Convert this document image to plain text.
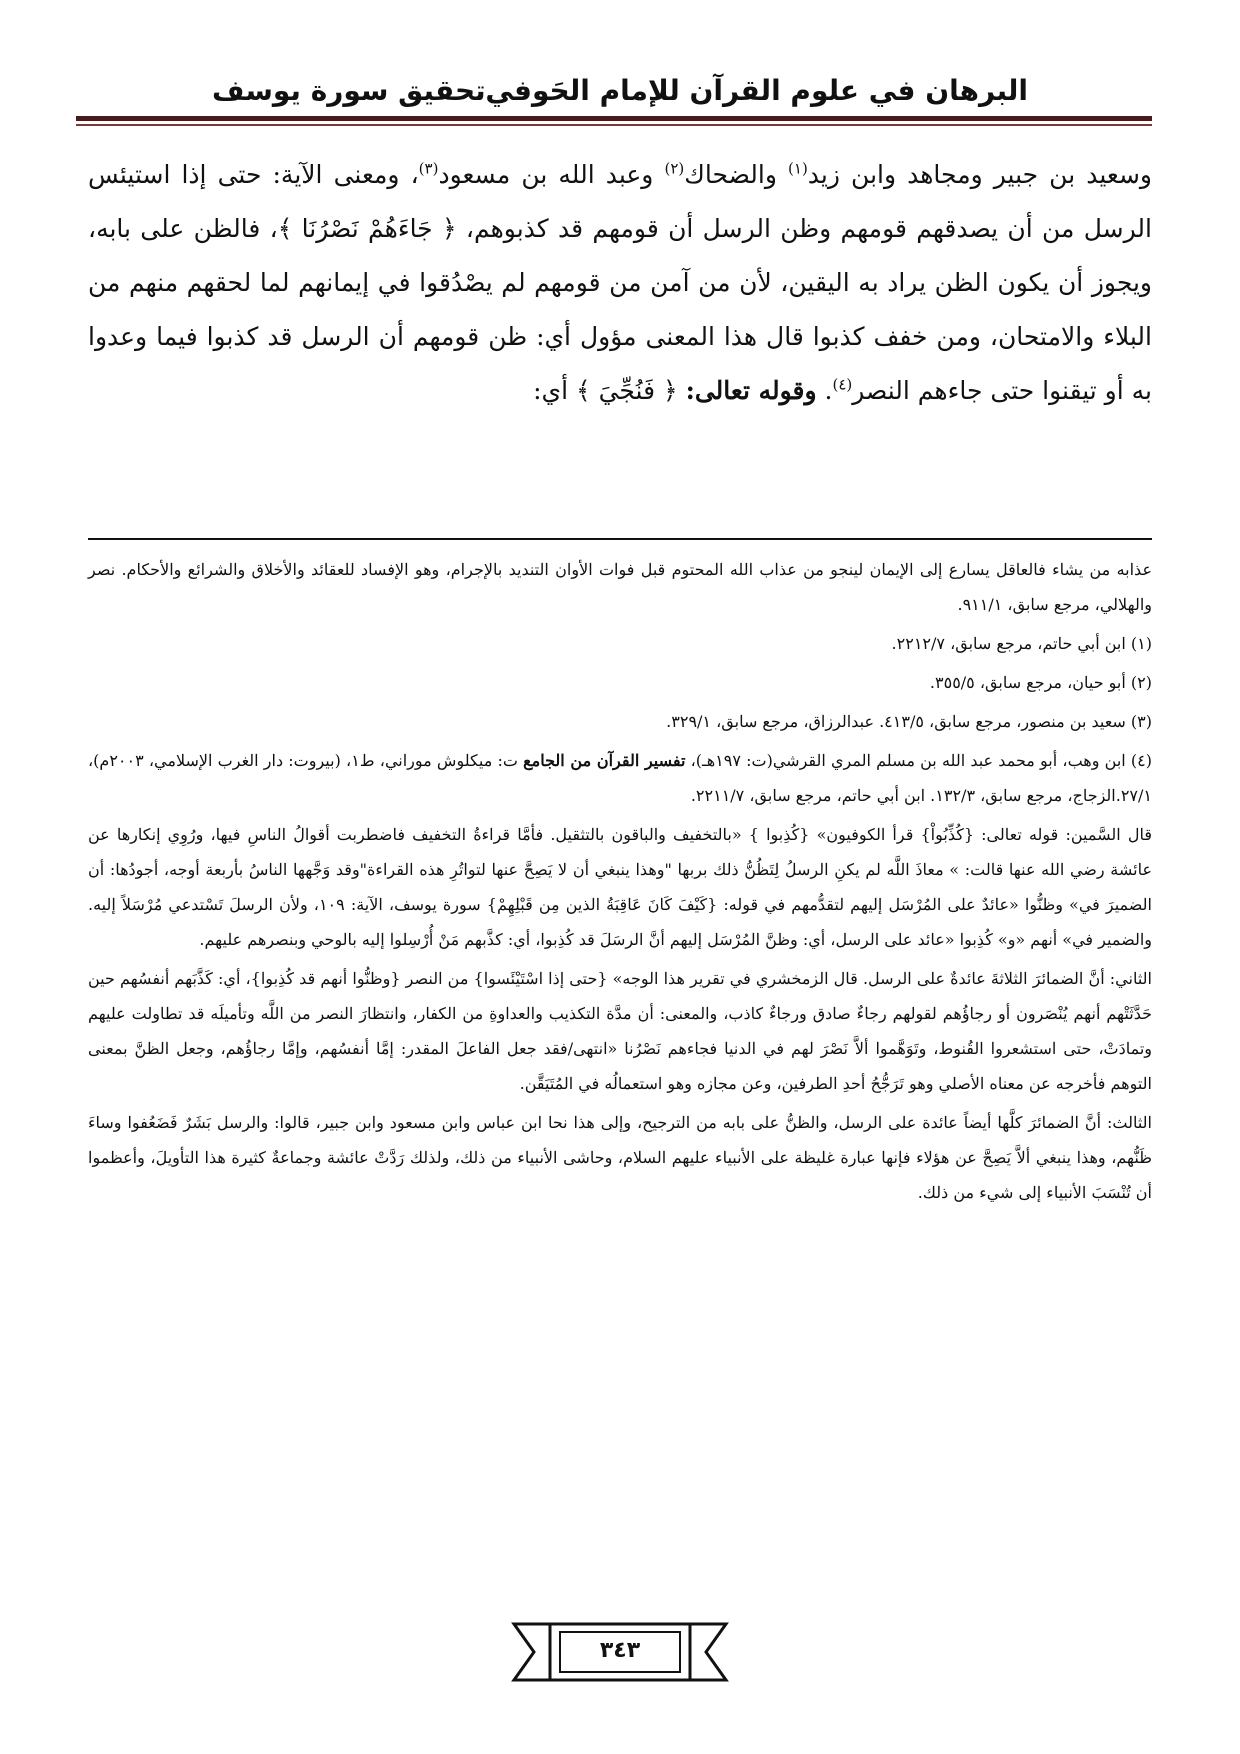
البرهان في علوم القرآن للإمام الحَوفي
تحقيق سورة يوسف

وسعيد بن جبير ومجاهد وابن زيد$^{(١)}$ والضحاك$^{(٢)}$ وعبد الله بن مسعود$^{(٣)}$، ومعنى الآية: حتى إذا استيئس الرسل من أن يصدقهم قومهم وظن الرسل أن قومهم قد كذبوهم، ﴿ جَاءَهُمْ نَصْرُنَا ﴾، فالظن على بابه، ويجوز أن يكون الظن يراد به اليقين، لأن من آمن من قومهم لم يصْدُقوا في إيمانهم لما لحقهم منهم من البلاء والامتحان، ومن خفف كذبوا قال هذا المعنى مؤول أي: ظن قومهم أن الرسل قد كذبوا فيما وعدوا به أو تيقنوا حتى جاءهم النصر$^{(٤)}$. وقوله تعالى: ﴿ فَنُجِّيَ ﴾ أي:

عذابه من يشاء فالعاقل يسارع إلى الإيمان لينجو من عذاب الله المحتوم قبل فوات الأوان التنديد بالإجرام، وهو الإفساد للعقائد والأخلاق والشرائع والأحكام. نصر والهلالي، مرجع سابق، ٩١١/١.

(١) ابن أبي حاتم، مرجع سابق، ٢٢١٢/٧.

(٢) أبو حيان، مرجع سابق، ٣٥٥/٥.

(٣) سعيد بن منصور، مرجع سابق، ٤١٣/٥. عبدالرزاق، مرجع سابق، ٣٢٩/١.

(٤) ابن وهب، أبو محمد عبد الله بن مسلم المري القرشي(ت: ١٩٧هـ)، تفسير القرآن من الجامع ت: ميكلوش موراني، ط١، (بيروت: دار الغرب الإسلامي، ٢٠٠٣م)، ٢٧/١.الزجاج، مرجع سابق، ١٣٢/٣. ابن أبي حاتم، مرجع سابق، ٢٢١١/٧.

قال السَّمين: قوله تعالى: {كُذِّبُواْ} قرأ الكوفيون» {كُذِبوا } «بالتخفيف والباقون بالتثقيل. فأمَّا قراءةُ التخفيف فاضطربت أقوالُ الناسِ فيها، ورُوِي إنكارها عن عائشة رضي الله عنها قالت: » معاذَ اللَّه لم يكنِ الرسلُ لِتَظُنُّ ذلك بربها "وهذا ينبغي أن لا يَصِحَّ عنها لتواتُرِ هذه القراءة"وقد وَجَّهها الناسُ بأربعة أوجه، أجودُها: أن الضميرَ في» وظنُّوا «عائدٌ على المُرْسَل إليهم لتقدُّمهم في قوله: {كَيْفَ كَانَ عَاقِبَةُ الذين مِن قَبْلِهِمْ} سورة يوسف، الآية: ١٠٩، ولأن الرسلَ تَسْتدعي مُرْسَلاً إليه. والضمير في» أنهم «و» كُذِبوا «عائد على الرسل، أي: وظنَّ المُرْسَل إليهم أنَّ الرسَلَ قد كُذِبوا، أي: كذَّبهم مَنْ أُرْسِلوا إليه بالوحي وبنصرهم عليهم.

الثاني: أنَّ الضمائرَ الثلاثةَ عائدةٌ على الرسل. قال الزمخشري في تقرير هذا الوجه» {حتى إذا اسْتَيْئَسوا} من النصر {وظنُّوا أنهم قد كُذِبوا}، أي: كَذَّبَهم أنفسُهم حين حَدَّثَتْهم أنهم يُنْصَرون أو رجاؤُهم لقولهم رجاءٌ صادق ورجاءٌ كاذب، والمعنى: أن مدَّة التكذيب والعداوةِ من الكفار، وانتظارَ النصر من اللَّه وتأميلَه قد تطاولت عليهم وتمادَتْ، حتى استشعروا القُنوط، وتَوَهَّموا ألاَّ نَصْرَ لهم في الدنيا فجاءهم نَصْرُنا «انتهى/فقد جعل الفاعلَ المقدر: إمَّا أنفسُهم، وإمَّا رجاؤُهم، وجعل الظنَّ بمعنى التوهم فأخرجه عن معناه الأصلي وهو تَرَجُّحُ أحدِ الطرفين، وعن مجازه وهو استعمالُه في المُتَيَقَّن.

الثالث: أنَّ الضمائرَ كلَّها أيضاً عائدة على الرسل، والظنُّ على بابه من الترجيح، وإلى هذا نحا ابن عباس وابن مسعود وابن جبير، قالوا: والرسل بَشَرٌ فَضَعُفوا وساءَ ظَنُّهم، وهذا ينبغي ألاَّ يَصِحَّ عن هؤلاء فإنها عبارة غليظة على الأنبياء عليهم السلام، وحاشى الأنبياء من ذلك، ولذلك رَدَّتْ عائشة وجماعةٌ كثيرة هذا التأويلَ، وأعظموا أن تُنْسَبَ الأنبياء إلى شيء من ذلك.

٣٤٣
